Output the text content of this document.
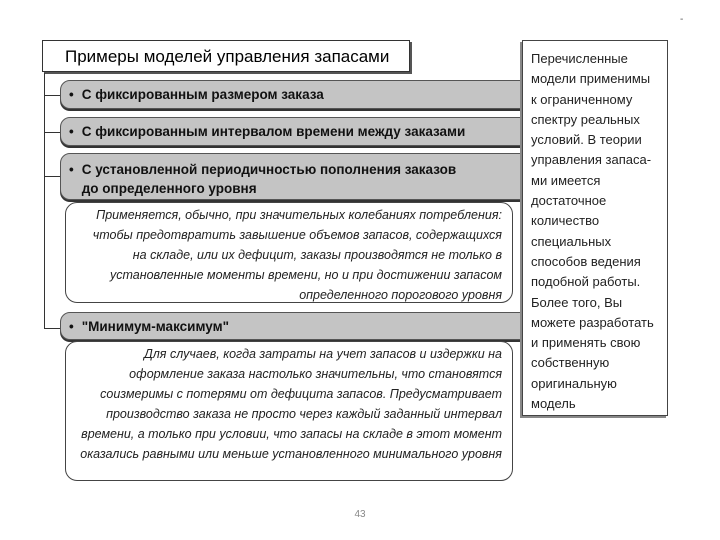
-
Примеры моделей управления запасами
• С фиксированным размером заказа
• С фиксированным интервалом времени между заказами
• С установленной периодичностью пополнения заказов до определенного уровня
Применяется, обычно, при значительных колебаниях потребления: чтобы предотвратить завышение объемов запасов, содержащихся на складе, или их дефицит, заказы производятся не только в установленные моменты времени, но и при достижении запасом определенного порогового уровня
• "Минимум-максимум"
Для случаев, когда затраты на учет запасов и издержки на оформление заказа настолько значительны, что становятся соизмеримы с потерями от дефицита запасов. Предусматривает производство заказа не просто через каждый заданный интервал времени, а только при условии, что запасы на складе в этот момент оказались равными или меньше установленного минимального уровня
Перечисленные модели применимы к ограниченному спектру реальных условий. В теории управления запаса-ми имеется достаточное количество специальных способов ведения подобной работы. Более того, Вы можете разработать и применять свою собственную оригинальную модель
43
